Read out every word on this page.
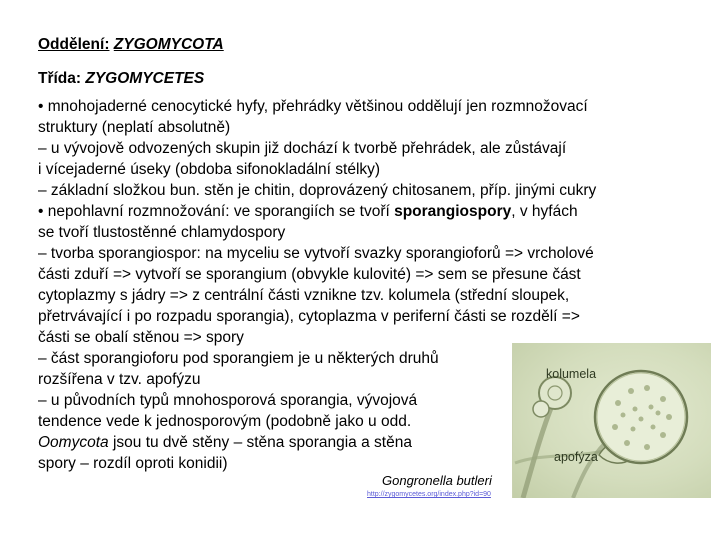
Oddělení: ZYGOMYCOTA
Třída: ZYGOMYCETES
• mnohojaderné cenocytické hyfy, přehrádky většinou oddělují jen rozmnožovací
struktury (neplatí absolutně)
– u vývojově odvozených skupin již dochází k tvorbě přehrádek, ale zůstávají
i vícejaderné úseky (obdoba sifonokladální stélky)
– základní složkou bun. stěn je chitin, doprovázený chitosanem, příp. jinými cukry
• nepohlavní rozmnožování: ve sporangiích se tvoří sporangiospory, v hyfách
se tvoří tlustostěnné chlamydospory
– tvorba sporangiospor: na myceliu se vytvoří svazky sporangioforů => vrcholové
části zduří => vytvoří se sporangium (obvykle kulovité) => sem se přesune část
cytoplazmy s jádry => z centrální části vznikne tzv. kolumela (střední sloupek,
přetrvávající i po rozpadu sporangia), cytoplazma v periferní části se rozdělí =>
části se obalí stěnou => spory
– část sporangioforu pod sporangiem je u některých druhů
rozšířena v tzv. apofýzu
– u původních typů mnohosporová sporangia, vývojová
tendence vede k jednosporovým (podobně jako u odd.
Oomycota jsou tu dvě stěny – stěna sporangia a stěna
spory – rozdíl oproti konidii)
kolumela
apofýza
Gongronella butleri
http://zygomycetes.org/index.php?id=90
